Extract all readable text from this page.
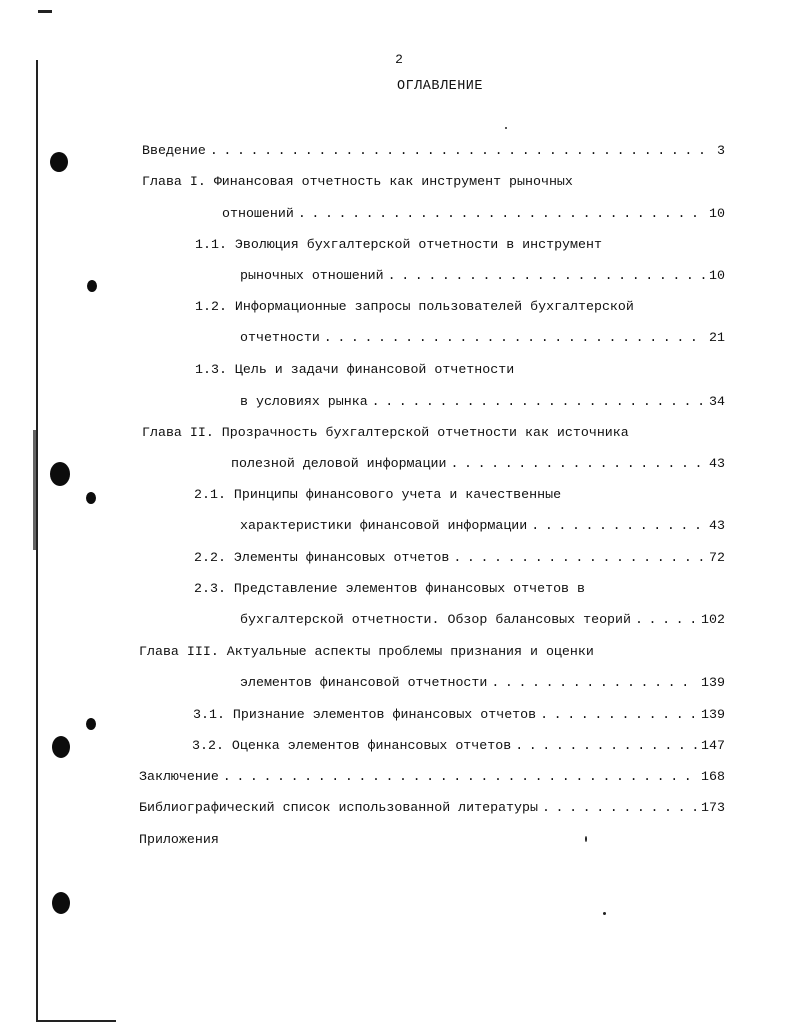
2
ОГЛАВЛЕНИЕ
Введение . . .	3
Глава I. Финансовая отчетность как инструмент рыночных
отношений . . .	10
1.1. Эволюция бухгалтерской отчетности в инструмент
рыночных отношений . . .	10
1.2. Информационные запросы пользователей бухгалтерской
отчетности . . .	21
1.3. Цель и задачи финансовой отчетности
в условиях рынка . . .	34
Глава II. Прозрачность бухгалтерской отчетности как источника
полезной деловой информации . . .	43
2.1. Принципы финансового учета и качественные
характеристики финансовой информации . . .	43
2.2. Элементы финансовых отчетов . . .	72
2.3. Представление элементов финансовых отчетов в
бухгалтерской отчетности. Обзор балансовых теорий . . .	102
Глава III. Актуальные аспекты проблемы признания и оценки
элементов финансовой отчетности . . .	139
3.1. Признание элементов финансовых отчетов . . .	139
3.2. Оценка элементов финансовых отчетов . . .	147
Заключение . . .	168
Библиографический список использованной литературы . . .	173
Приложения
